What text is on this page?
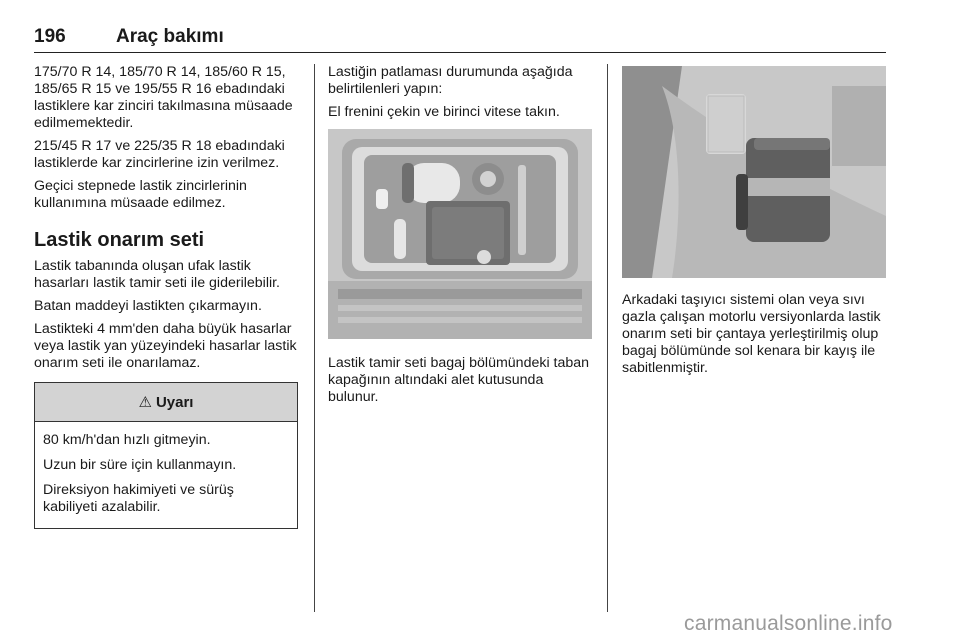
196	Araç bakımı

175/70 R 14, 185/70 R 14, 185/60 R 15, 185/65 R 15 ve 195/55 R 16 ebadındaki lastiklere kar zinciri takılmasına müsaade edilmemektedir.

215/45 R 17 ve 225/35 R 18 ebadındaki lastiklerde kar zincirlerine izin verilmez.

Geçici stepnede lastik zincirlerinin kullanımına müsaade edilmez.

Lastik onarım seti

Lastik tabanında oluşan ufak lastik hasarları lastik tamir seti ile giderilebilir.

Batan maddeyi lastikten çıkarmayın.

Lastikteki 4 mm'den daha büyük hasarlar veya lastik yan yüzeyindeki hasarlar lastik onarım seti ile onarılamaz.

⚠ Uyarı

80 km/h'dan hızlı gitmeyin.

Uzun bir süre için kullanmayın.

Direksiyon hakimiyeti ve sürüş kabiliyeti azalabilir.

Lastiğin patlaması durumunda aşağıda belirtilenleri yapın:

El frenini çekin ve birinci vitese takın.

Lastik tamir seti bagaj bölümündeki taban kapağının altındaki alet kutusunda bulunur.

Arkadaki taşıyıcı sistemi olan veya sıvı gazla çalışan motorlu versiyonlarda lastik onarım seti bir çantaya yerleştirilmiş olup bagaj bölümünde sol kenara bir kayış ile sabitlenmiştir.

carmanualsonline.info
